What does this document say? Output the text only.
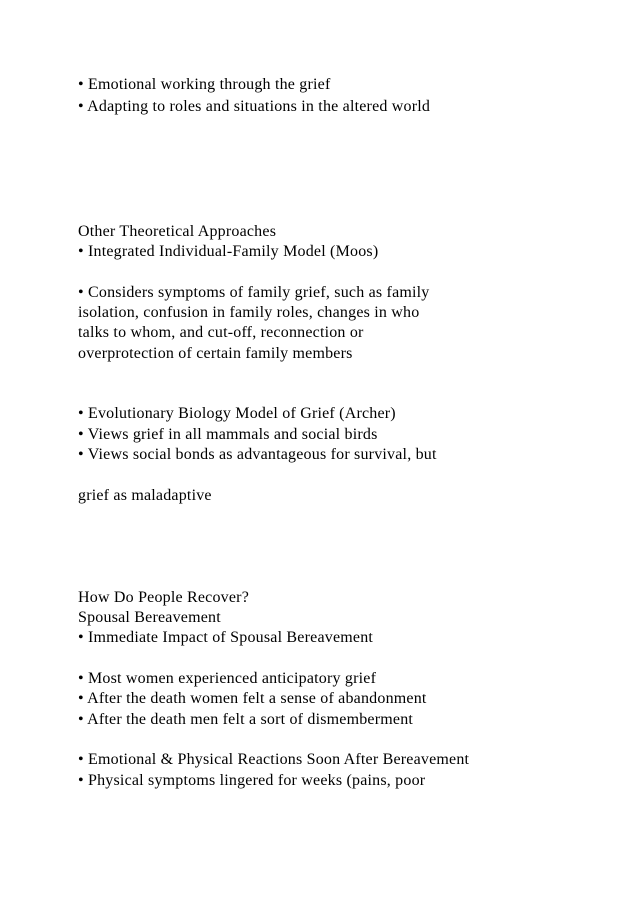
• Emotional working through the grief
• Adapting to roles and situations in the altered world
Other Theoretical Approaches
• Integrated Individual-Family Model (Moos)
• Considers symptoms of family grief, such as family
isolation, confusion in family roles, changes in who
talks to whom, and cut-off, reconnection or
overprotection of certain family members
• Evolutionary Biology Model of Grief (Archer)
• Views grief in all mammals and social birds
• Views social bonds as advantageous for survival, but
grief as maladaptive
How Do People Recover?
Spousal Bereavement
• Immediate Impact of Spousal Bereavement
• Most women experienced anticipatory grief
• After the death women felt a sense of abandonment
• After the death men felt a sort of dismemberment
• Emotional & Physical Reactions Soon After Bereavement
• Physical symptoms lingered for weeks (pains, poor
